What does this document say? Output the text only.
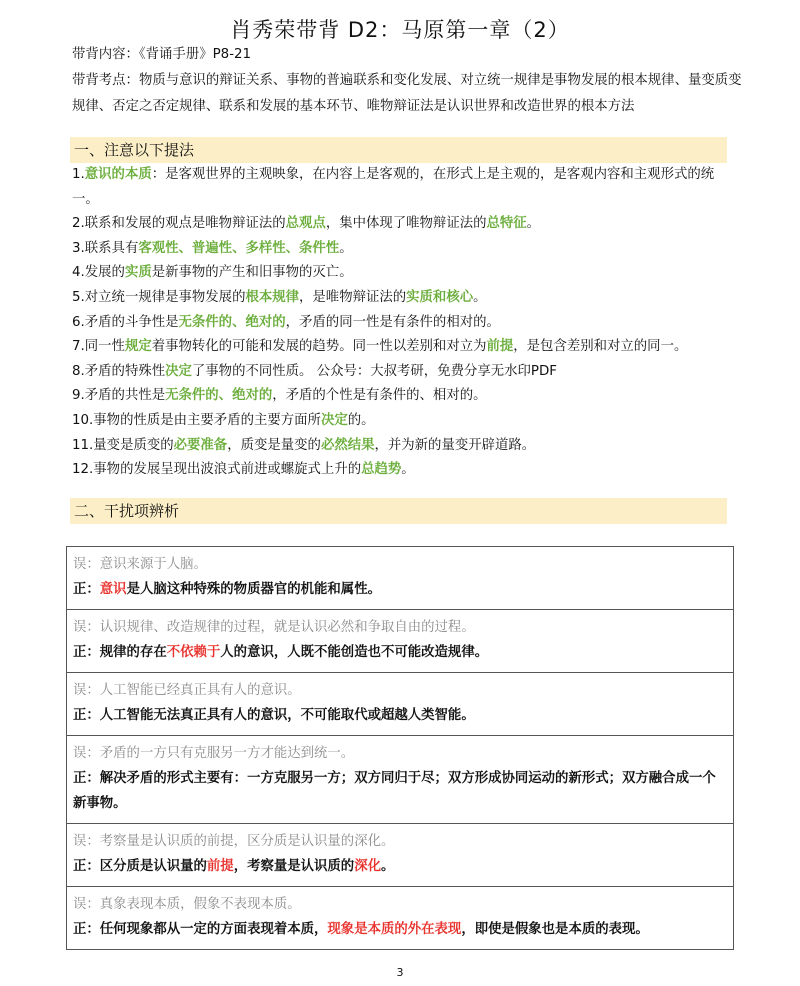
肖秀荣带背 D2：马原第一章（2）
带背内容：《背诵手册》P8-21
带背考点：物质与意识的辩证关系、事物的普遍联系和变化发展、对立统一规律是事物发展的根本规律、量变质变规律、否定之否定规律、联系和发展的基本环节、唯物辩证法是认识世界和改造世界的根本方法
一、注意以下提法

1.意识的本质：是客观世界的主观映象，在内容上是客观的，在形式上是主观的，是客观内容和主观形式的统一。

2.联系和发展的观点是唯物辩证法的总观点，集中体现了唯物辩证法的总特征。

3.联系具有客观性、普遍性、多样性、条件性。

4.发展的实质是新事物的产生和旧事物的灭亡。

5.对立统一规律是事物发展的根本规律，是唯物辩证法的实质和核心。

6.矛盾的斗争性是无条件的、绝对的，矛盾的同一性是有条件的相对的。

7.同一性规定着事物转化的可能和发展的趋势。同一性以差别和对立为前提，是包含差别和对立的同一。

8.矛盾的特殊性决定了事物的不同性质。 公众号：大叔考研，免费分享无水印PDF

9.矛盾的共性是无条件的、绝对的，矛盾的个性是有条件的、相对的。

10.事物的性质是由主要矛盾的主要方面所决定的。

11.量变是质变的必要准备，质变是量变的必然结果，并为新的量变开辟道路。

12.事物的发展呈现出波浪式前进或螺旋式上升的总趋势。

二、干扰项辨析
误：意识来源于人脑。
正：意识是人脑这种特殊的物质器官的机能和属性。

误：认识规律、改造规律的过程，就是认识必然和争取自由的过程。
正：规律的存在不依赖于人的意识，人既不能创造也不可能改造规律。

误：人工智能已经真正具有人的意识。
正：人工智能无法真正具有人的意识，不可能取代或超越人类智能。

误：矛盾的一方只有克服另一方才能达到统一。
正：解决矛盾的形式主要有：一方克服另一方；双方同归于尽；双方形成协同运动的新形式；双方融合成一个新事物。

误：考察量是认识质的前提，区分质是认识量的深化。
正：区分质是认识量的前提，考察量是认识质的深化。

误：真象表现本质，假象不表现本质。
正：任何现象都从一定的方面表现着本质，现象是本质的外在表现，即使是假象也是本质的表现。
3
